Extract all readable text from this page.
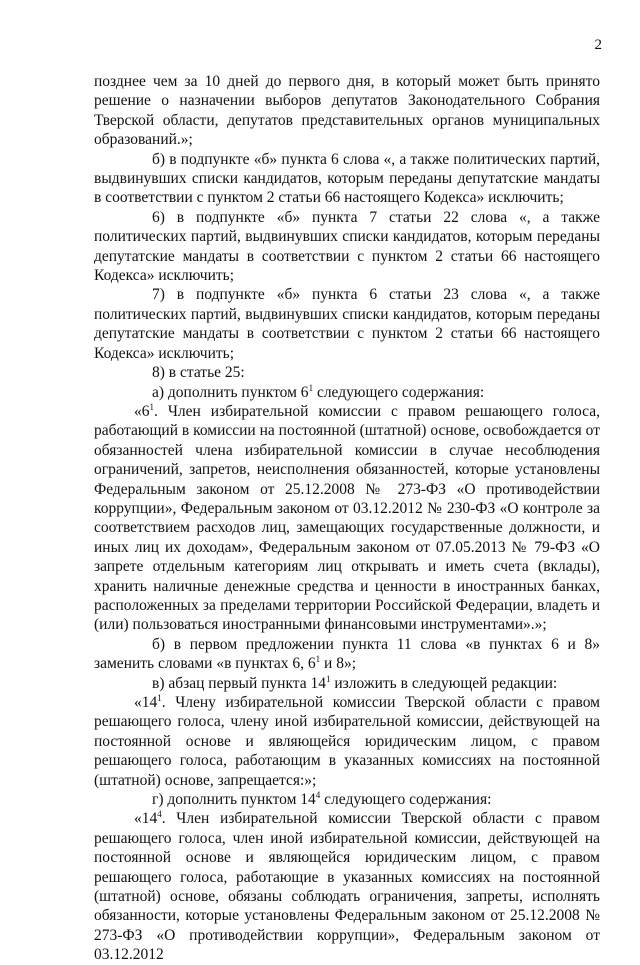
2

позднее чем за 10 дней до первого дня, в который может быть принято решение о назначении выборов депутатов Законодательного Собрания Тверской области, депутатов представительных органов муниципальных образований.»;

б) в подпункте «б» пункта 6 слова «, а также политических партий, выдвинувших списки кандидатов, которым переданы депутатские мандаты в соответствии с пунктом 2 статьи 66 настоящего Кодекса» исключить;

6) в подпункте «б» пункта 7 статьи 22 слова «, а также политических партий, выдвинувших списки кандидатов, которым переданы депутатские мандаты в соответствии с пунктом 2 статьи 66 настоящего Кодекса» исключить;

7) в подпункте «б» пункта 6 статьи 23 слова «, а также политических партий, выдвинувших списки кандидатов, которым переданы депутатские мандаты в соответствии с пунктом 2 статьи 66 настоящего Кодекса» исключить;

8) в статье 25:

а) дополнить пунктом $6^1$ следующего содержания:

«$6^1$. Член избирательной комиссии с правом решающего голоса, работающий в комиссии на постоянной (штатной) основе, освобождается от обязанностей члена избирательной комиссии в случае несоблюдения ограничений, запретов, неисполнения обязанностей, которые установлены Федеральным законом от 25.12.2008 № 273-ФЗ «О противодействии коррупции», Федеральным законом от 03.12.2012 № 230-ФЗ «О контроле за соответствием расходов лиц, замещающих государственные должности, и иных лиц их доходам», Федеральным законом от 07.05.2013 № 79-ФЗ «О запрете отдельным категориям лиц открывать и иметь счета (вклады), хранить наличные денежные средства и ценности в иностранных банках, расположенных за пределами территории Российской Федерации, владеть и (или) пользоваться иностранными финансовыми инструментами».»;

б) в первом предложении пункта 11 слова «в пунктах 6 и 8» заменить словами «в пунктах 6, $6^1$ и 8»;

в) абзац первый пункта $14^1$ изложить в следующей редакции:

«$14^1$. Члену избирательной комиссии Тверской области с правом решающего голоса, члену иной избирательной комиссии, действующей на постоянной основе и являющейся юридическим лицом, с правом решающего голоса, работающим в указанных комиссиях на постоянной (штатной) основе, запрещается:»;

г) дополнить пунктом $14^4$ следующего содержания:

«$14^4$. Член избирательной комиссии Тверской области с правом решающего голоса, член иной избирательной комиссии, действующей на постоянной основе и являющейся юридическим лицом, с правом решающего голоса, работающие в указанных комиссиях на постоянной (штатной) основе, обязаны соблюдать ограничения, запреты, исполнять обязанности, которые установлены Федеральным законом от 25.12.2008 № 273-ФЗ «О противодействии коррупции», Федеральным законом от 03.12.2012
